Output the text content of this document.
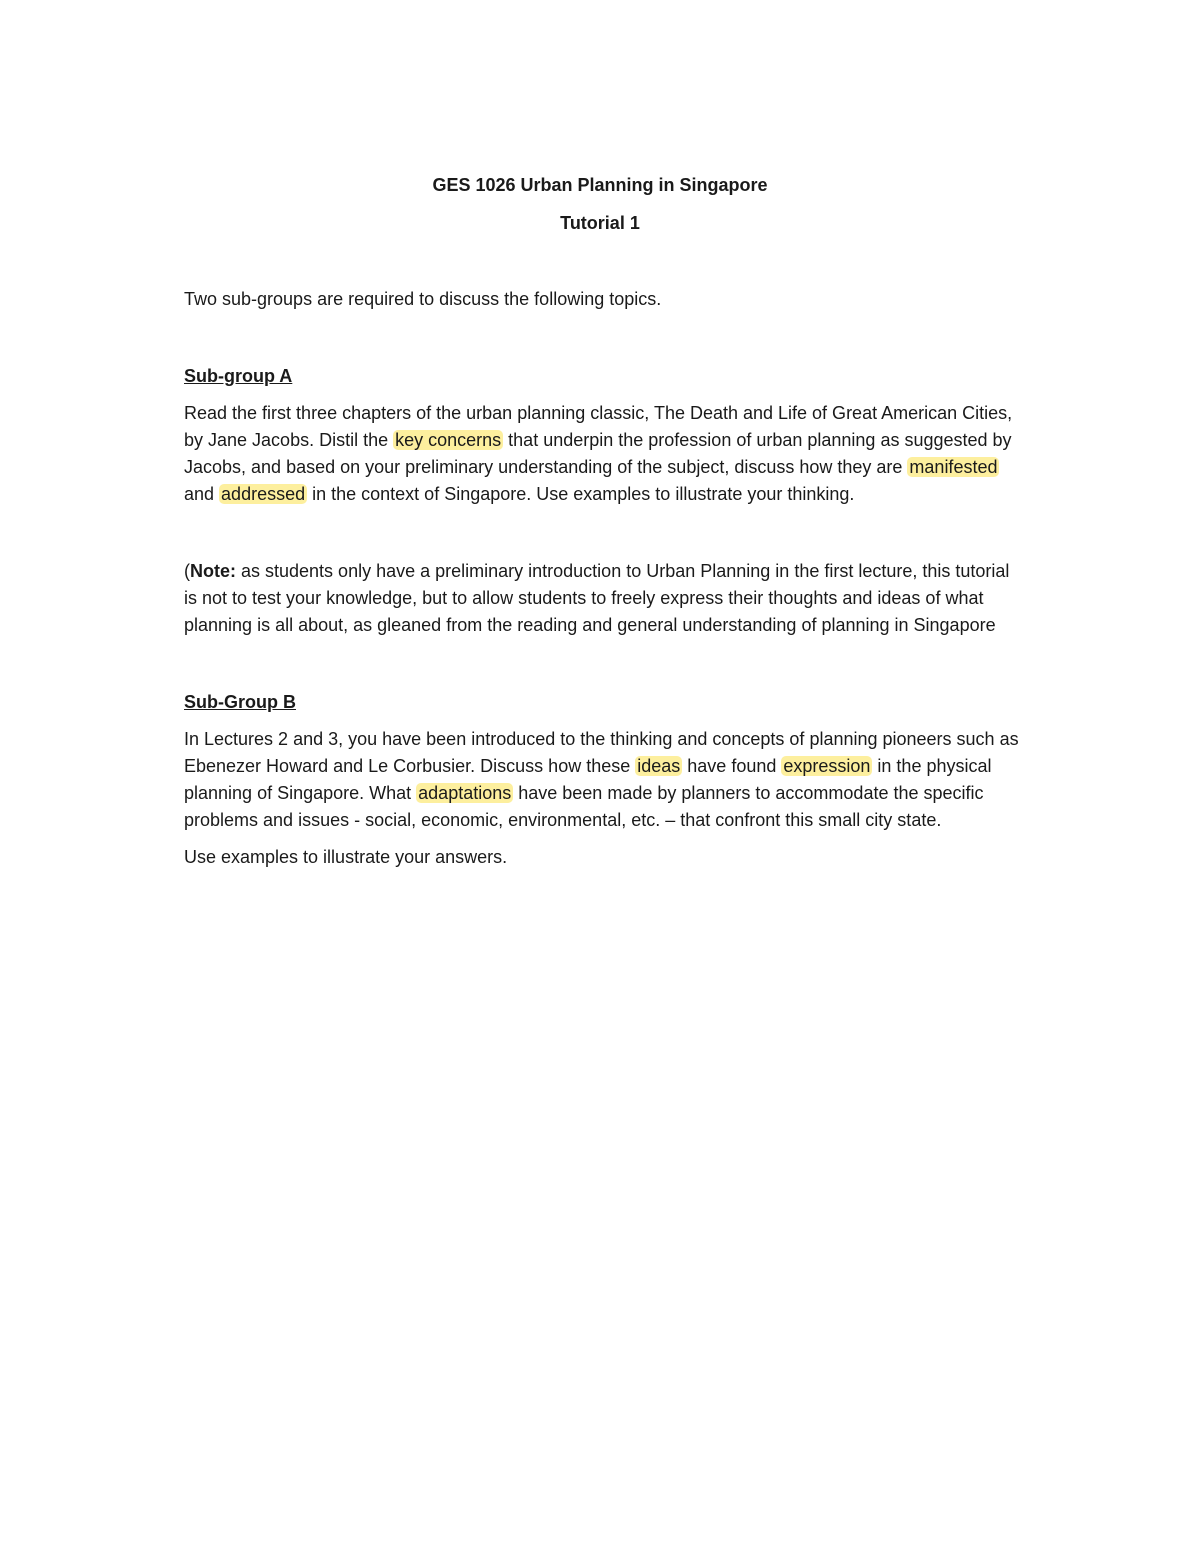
GES 1026 Urban Planning in Singapore

Tutorial 1

Two sub-groups are required to discuss the following topics.

Sub-group A

Read the first three chapters of the urban planning classic, The Death and Life of Great American Cities, by Jane Jacobs. Distil the key concerns that underpin the profession of urban planning as suggested by Jacobs, and based on your preliminary understanding of the subject, discuss how they are manifested and addressed in the context of Singapore. Use examples to illustrate your thinking.

(Note: as students only have a preliminary introduction to Urban Planning in the first lecture, this tutorial is not to test your knowledge, but to allow students to freely express their thoughts and ideas of what planning is all about, as gleaned from the reading and general understanding of planning in Singapore

Sub-Group B

In Lectures 2 and 3, you have been introduced to the thinking and concepts of planning pioneers such as Ebenezer Howard and Le Corbusier. Discuss how these ideas have found expression in the physical planning of Singapore. What adaptations have been made by planners to accommodate the specific problems and issues - social, economic, environmental, etc. – that confront this small city state.

Use examples to illustrate your answers.
